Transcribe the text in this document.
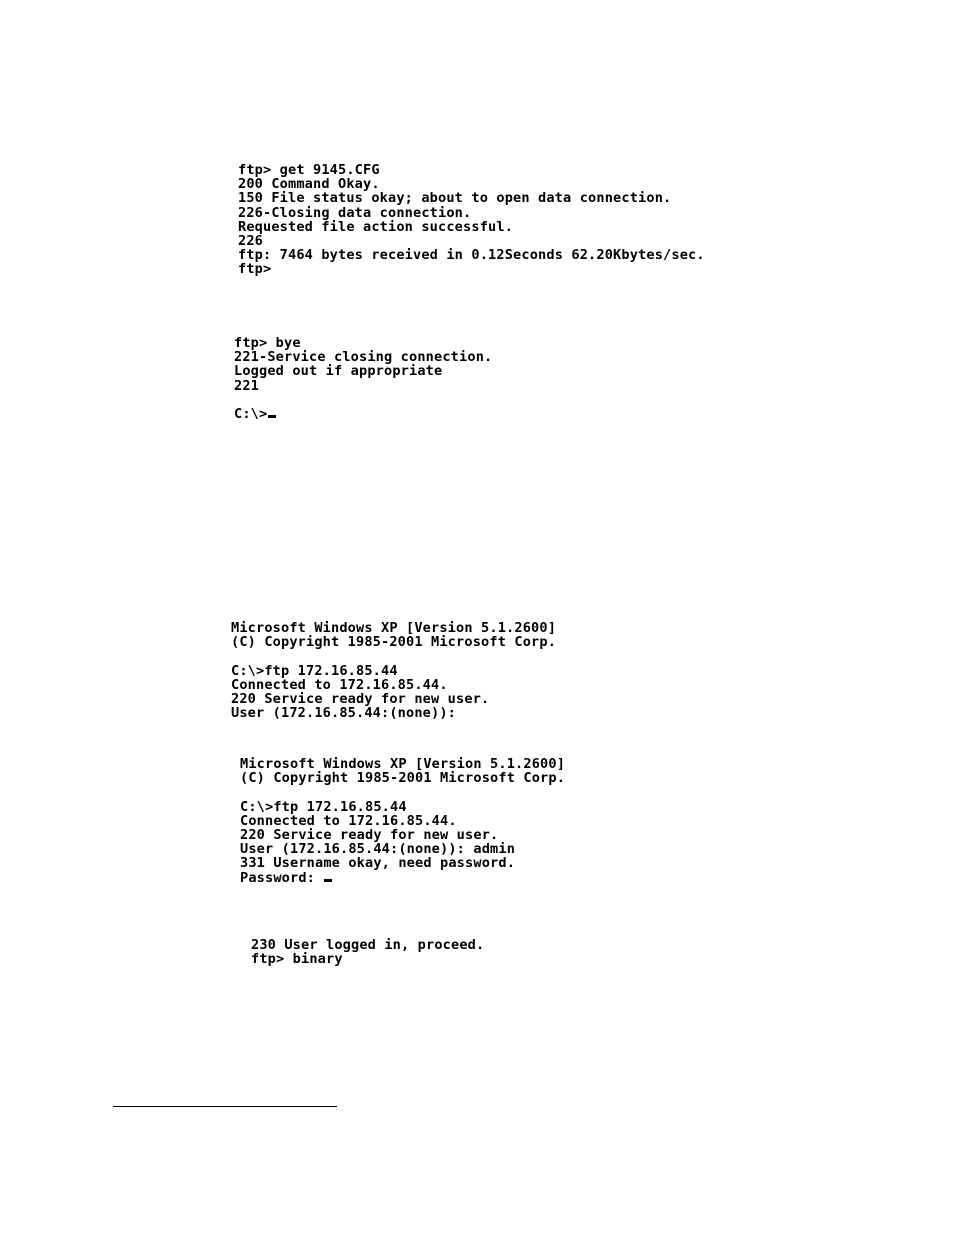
ftp> get 9145.CFG
200 Command Okay.
150 File status okay; about to open data connection.
226-Closing data connection.
Requested file action successful.
226
ftp: 7464 bytes received in 0.12Seconds 62.20Kbytes/sec.
ftp>
ftp> bye
221-Service closing connection.
Logged out if appropriate
221
C:\>
Microsoft Windows XP [Version 5.1.2600]
(C) Copyright 1985-2001 Microsoft Corp.
C:\>ftp 172.16.85.44
Connected to 172.16.85.44.
220 Service ready for new user.
User (172.16.85.44:(none)):
Microsoft Windows XP [Version 5.1.2600]
(C) Copyright 1985-2001 Microsoft Corp.
C:\>ftp 172.16.85.44
Connected to 172.16.85.44.
220 Service ready for new user.
User (172.16.85.44:(none)): admin
331 Username okay, need password.
Password:
230 User logged in, proceed.
ftp> binary
